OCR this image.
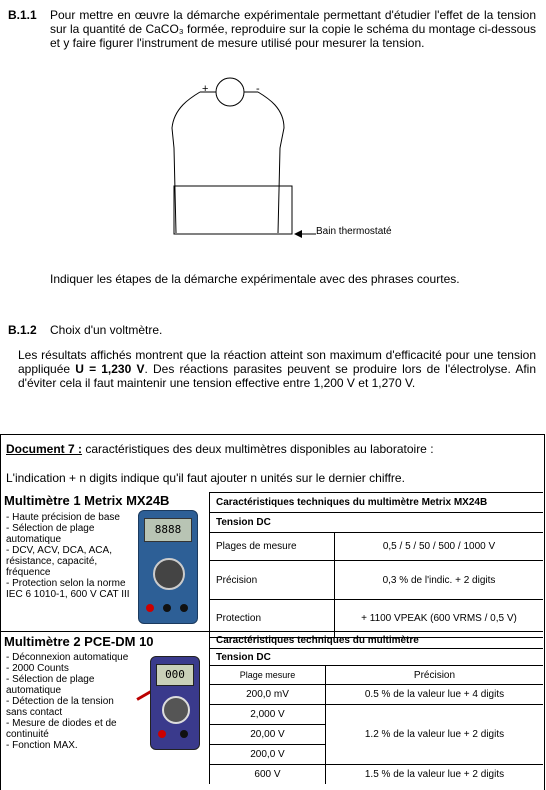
B.1.1 Pour mettre en œuvre la démarche expérimentale permettant d'étudier l'effet de la tension sur la quantité de CaCO₃ formée, reproduire sur la copie le schéma du montage ci-dessous et y faire figurer l'instrument de mesure utilisé pour mesurer la tension.
+	-
Bain thermostaté
Indiquer les étapes de la démarche expérimentale avec des phrases courtes.
B.1.2 Choix d'un voltmètre.
Les résultats affichés montrent que la réaction atteint son maximum d'efficacité pour une tension appliquée U = 1,230 V. Des réactions parasites peuvent se produire lors de l'électrolyse. Afin d'éviter cela il faut maintenir une tension effective entre 1,200 V et 1,270 V.
Document 7 : caractéristiques des deux multimètres disponibles au laboratoire :
L'indication + n digits indique qu'il faut ajouter n unités sur le dernier chiffre.
Multimètre 1 Metrix MX24B
- Haute précision de base
- Sélection de plage automatique
- DCV, ACV, DCA, ACA, résistance, capacité, fréquence
- Protection selon la norme IEC 6 1010-1, 600 V CAT III
8888
Caractéristiques techniques du multimètre Metrix MX24B	
Tension DC	
Plages de mesure	0,5 / 5 / 50 / 500 / 1000 V
Précision	0,3 % de l'indic. + 2 digits
Protection	+ 1100 VPEAK (600 VRMS / 0,5 V)
Multimètre 2 PCE-DM 10
- Déconnexion automatique
- 2000 Counts
- Sélection de plage automatique
- Détection de la tension sans contact
- Mesure de diodes et de continuité
- Fonction MAX.
000
Caractéristiques techniques du multimètre	
Tension DC	
Plage mesure	Précision
200,0 mV	0.5 % de la valeur lue + 4 digits
2,000 V	1.2 % de la valeur lue + 2 digits
20,00 V	
200,0 V	
600 V	1.5 % de la valeur lue + 2 digits
